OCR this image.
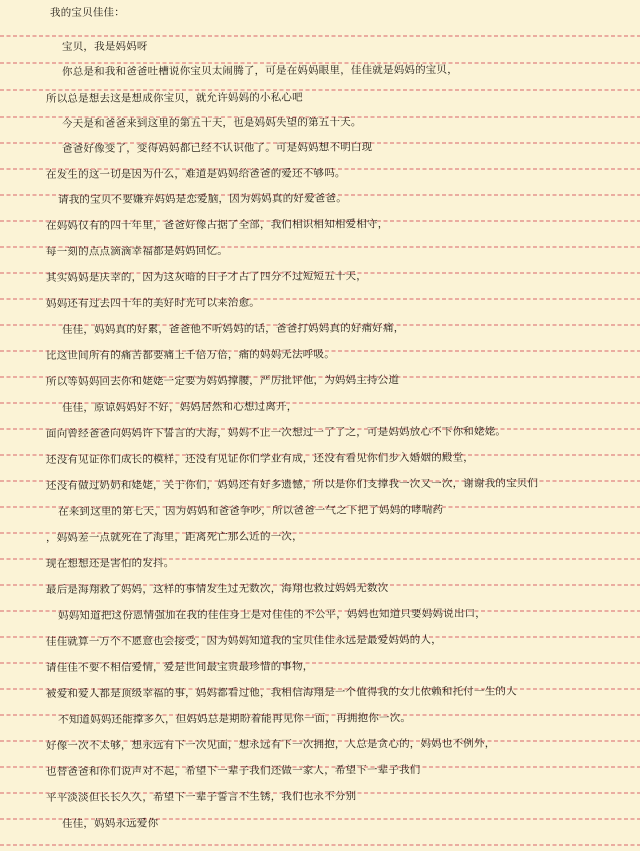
我的宝贝佳佳：
宝贝，我是妈妈呀
你总是和我和爸爸吐槽说你宝贝太闹腾了，可是在妈妈眼里，佳佳就是妈妈的宝贝，
所以总是想去这是想成你宝贝，就允许妈妈的小私心吧
今天是和爸爸来到这里的第五十天，也是妈妈失望的第五十天。
爸爸好像变了，变得妈妈都已经不认识他了。可是妈妈想不明白现
在发生的这一切是因为什么，难道是妈妈给爸爸的爱还不够吗。
请我的宝贝不要嫌弃妈妈是恋爱脑，因为妈妈真的好爱爸爸。
在妈妈仅有的四十年里，爸爸好像占据了全部，我们相识相知相爱相守，
每一刻的点点滴滴幸福都是妈妈回忆。
其实妈妈是庆幸的，因为这灰暗的日子才占了四分不过短短五十天，
妈妈还有过去四十年的美好时光可以来治愈。
佳佳，妈妈真的好累，爸爸他不听妈妈的话，爸爸打妈妈真的好痛好痛，
比这世间所有的痛苦都要痛上千倍万倍，痛的妈妈无法呼吸。
所以等妈妈回去你和姥姥一定要为妈妈撑腰，严厉批评他，为妈妈主持公道
佳佳，原谅妈妈好不好，妈妈居然和心想过离开，
面向曾经爸爸向妈妈许下誓言的大海，妈妈不止一次想过一了了之，可是妈妈放心不下你和姥姥。
还没有见证你们成长的模样，还没有见证你们学业有成，还没有看见你们步入婚姻的殿堂，
还没有做过奶奶和姥姥，关于你们，妈妈还有好多遗憾，所以是你们支撑我一次又一次，谢谢我的宝贝们
在来到这里的第七天，因为妈妈和爸爸争吵，所以爸爸一气之下把了妈妈的哮喘药
，妈妈差一点就死在了海里，距离死亡那么近的一次，
现在想想还是害怕的发抖。
最后是海翔救了妈妈，这样的事情发生过无数次，海翔也救过妈妈无数次
妈妈知道把这份恩情强加在我的佳佳身上是对佳佳的不公平，妈妈也知道只要妈妈说出口，
佳佳就算一万个不愿意也会接受，因为妈妈知道我的宝贝佳佳永远是最爱妈妈的人，
请佳佳不要不相信爱情，爱是世间最宝贵最珍惜的事物，
被爱和爱人都是顶级幸福的事，妈妈都看过他，我相信海翔是一个值得我的女儿依赖和托付一生的人
不知道妈妈还能撑多久，但妈妈总是期盼着能再见你一面，再拥抱你一次。
好像一次不太够，想永远有下一次见面，想永远有下一次拥抱，人总是贪心的，妈妈也不例外，
也替爸爸和你们说声对不起，希望下一辈子我们还做一家人，希望下一辈子我们
平平淡淡但长长久久，希望下一辈子誓言不生锈，我们也永不分别
佳佳，妈妈永远爱你
